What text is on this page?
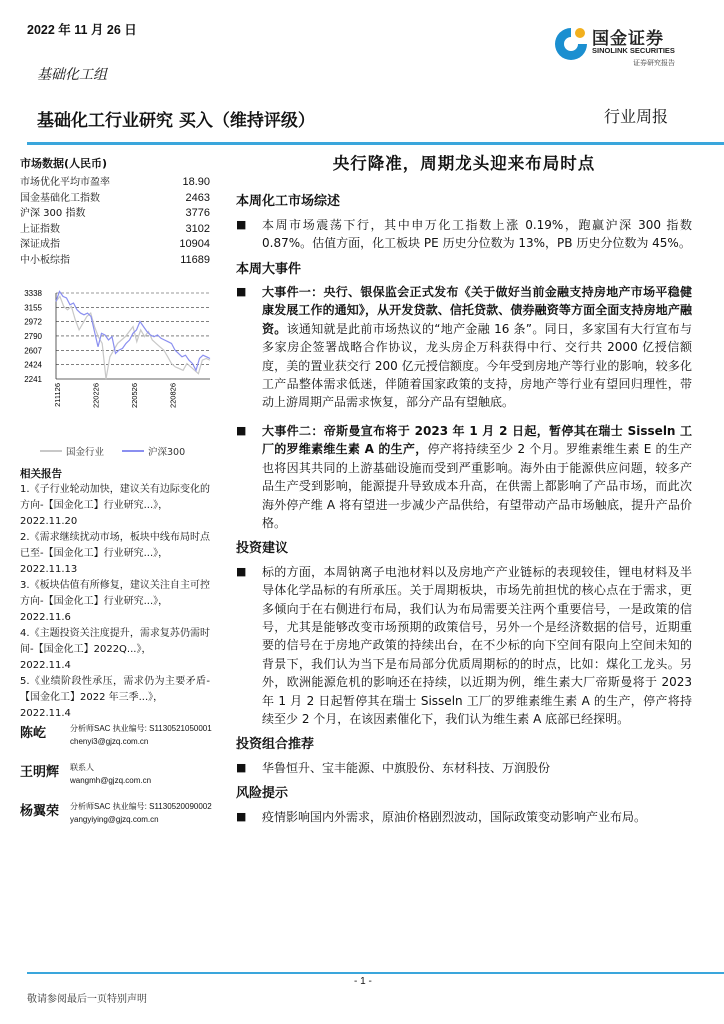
2022 年 11 月 26 日	国金证券
SINOLINK SECURITIES
证券研究报告
基础化工组
基础化工行业研究 买入（维持评级）	行业周报
市场数据(人民币)
市场优化平均市盈率	18.90
国金基础化工指数	2463
沪深 300 指数	3776
上证指数	3102
深证成指	10904
中小板综指	11689
3338
3155
2972
2790
2607
2424
2241
211126	220226	220526	220826
国金行业	沪深300
相关报告
1.《子行业轮动加快，建议关有边际变化的方向-【国金化工】行业研究...》，
2022.11.20
2.《需求继续扰动市场，板块中线布局时点已至-【国金化工】行业研究...》，
2022.11.13
3.《板块估值有所修复，建议关注自主可控方向-【国金化工】行业研究...》，
2022.11.6
4.《主题投资关注度提升，需求复苏仍需时间-【国金化工】2022Q...》，
2022.11.4
5.《业绩阶段性承压，需求仍为主要矛盾-【国金化工】2022 年三季...》，
2022.11.4
陈屹	分析师SAC 执业编号: S1130521050001
chenyi3@gjzq.com.cn
王明辉	联系人
wangmh@gjzq.com.cn
杨翼荣	分析师SAC 执业编号: S1130520090002
yangyiying@gjzq.com.cn
央行降准，周期龙头迎来布局时点
本周化工市场综述
■	本周市场震荡下行，其中申万化工指数上涨 0.19%，跑赢沪深 300 指数 0.87%。估值方面，化工板块 PE 历史分位数为 13%，PB 历史分位数为 45%。
本周大事件
■	大事件一：央行、银保监会正式发布《关于做好当前金融支持房地产市场平稳健康发展工作的通知》，从开发贷款、信托贷款、债券融资等方面全面支持房地产融资。该通知就是此前市场热议的“地产金融 16 条”。同日，多家国有大行宣布与多家房企签署战略合作协议，龙头房企万科获得中行、交行共 2000 亿授信额度，美的置业获交行 200 亿元授信额度。今年受到房地产等行业的影响，较多化工产品整体需求低迷，伴随着国家政策的支持，房地产等行业有望回归理性，带动上游周期产品需求恢复，部分产品有望触底。
■	大事件二：帝斯曼宣布将于 2023 年 1 月 2 日起，暂停其在瑞士 Sisseln 工厂的罗维素维生素 A 的生产，停产将持续至少 2 个月。罗维素维生素 E 的生产也将因其共同的上游基础设施而受到严重影响。海外由于能源供应问题，较多产品生产受到影响，能源提升导致成本升高，在供需上都影响了产品市场，而此次海外停产维 A 将有望进一步减少产品供给，有望带动产品市场触底，提升产品价格。
投资建议
■	标的方面，本周钠离子电池材料以及房地产产业链标的表现较佳，锂电材料及半导体化学品标的有所承压。关于周期板块，市场先前担忧的核心点在于需求，更多倾向于在右侧进行布局，我们认为布局需要关注两个重要信号，一是政策的信号，尤其是能够改变市场预期的政策信号，另外一个是经济数据的信号，近期重要的信号在于房地产政策的持续出台，在不少标的向下空间有限向上空间未知的背景下，我们认为当下是布局部分优质周期标的的时点，比如：煤化工龙头。另外，欧洲能源危机的影响还在持续，以近期为例，维生素大厂帝斯曼将于 2023 年 1 月 2 日起暂停其在瑞士 Sisseln 工厂的罗维素维生素 A 的生产，停产将持续至少 2 个月，在该因素催化下，我们认为维生素 A 底部已经探明。
投资组合推荐
■	华鲁恒升、宝丰能源、中旗股份、东材科技、万润股份
风险提示
■	疫情影响国内外需求，原油价格剧烈波动，国际政策变动影响产业布局。
- 1 -
敬请参阅最后一页特别声明
